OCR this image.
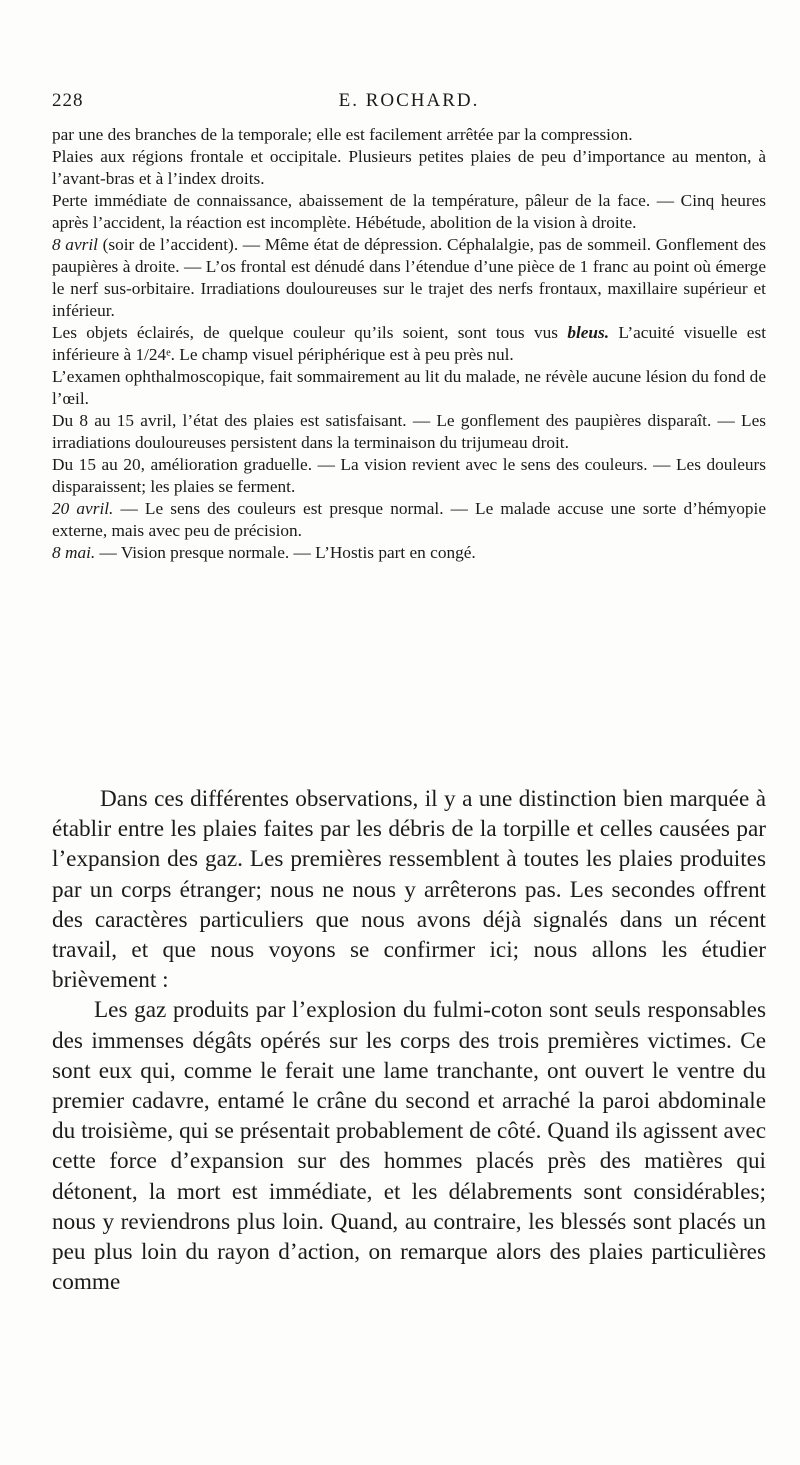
228	E. ROCHARD.

par une des branches de la temporale; elle est facilement arrêtée par la compression.

Plaies aux régions frontale et occipitale. Plusieurs petites plaies de peu d’importance au menton, à l’avant-bras et à l’index droits.

Perte immédiate de connaissance, abaissement de la température, pâleur de la face. — Cinq heures après l’accident, la réaction est incomplète. Hébétude, abolition de la vision à droite.

8 avril (soir de l’accident). — Même état de dépression. Céphalalgie, pas de sommeil. Gonflement des paupières à droite. — L’os frontal est dénudé dans l’étendue d’une pièce de 1 franc au point où émerge le nerf sus-orbitaire. Irradiations douloureuses sur le trajet des nerfs frontaux, maxillaire supérieur et inférieur.

Les objets éclairés, de quelque couleur qu’ils soient, sont tous vus bleus. L’acuité visuelle est inférieure à 1/24ᵉ. Le champ visuel périphérique est à peu près nul.

L’examen ophthalmoscopique, fait sommairement au lit du malade, ne révèle aucune lésion du fond de l’œil.

Du 8 au 15 avril, l’état des plaies est satisfaisant. — Le gonflement des paupières disparaît. — Les irradiations douloureuses persistent dans la terminaison du trijumeau droit.

Du 15 au 20, amélioration graduelle. — La vision revient avec le sens des couleurs. — Les douleurs disparaissent; les plaies se ferment.

20 avril. — Le sens des couleurs est presque normal. — Le malade accuse une sorte d’hémyopie externe, mais avec peu de précision.

8 mai. — Vision presque normale. — L’Hostis part en congé.

Dans ces différentes observations, il y a une distinction bien marquée à établir entre les plaies faites par les débris de la torpille et celles causées par l’expansion des gaz. Les premières ressemblent à toutes les plaies produites par un corps étranger; nous ne nous y arrêterons pas. Les secondes offrent des caractères particuliers que nous avons déjà signalés dans un récent travail, et que nous voyons se confirmer ici; nous allons les étudier brièvement :

Les gaz produits par l’explosion du fulmi-coton sont seuls responsables des immenses dégâts opérés sur les corps des trois premières victimes. Ce sont eux qui, comme le ferait une lame tranchante, ont ouvert le ventre du premier cadavre, entamé le crâne du second et arraché la paroi abdominale du troisième, qui se présentait probablement de côté. Quand ils agissent avec cette force d’expansion sur des hommes placés près des matières qui détonent, la mort est immédiate, et les délabrements sont considérables; nous y reviendrons plus loin. Quand, au contraire, les blessés sont placés un peu plus loin du rayon d’action, on remarque alors des plaies particulières comme
